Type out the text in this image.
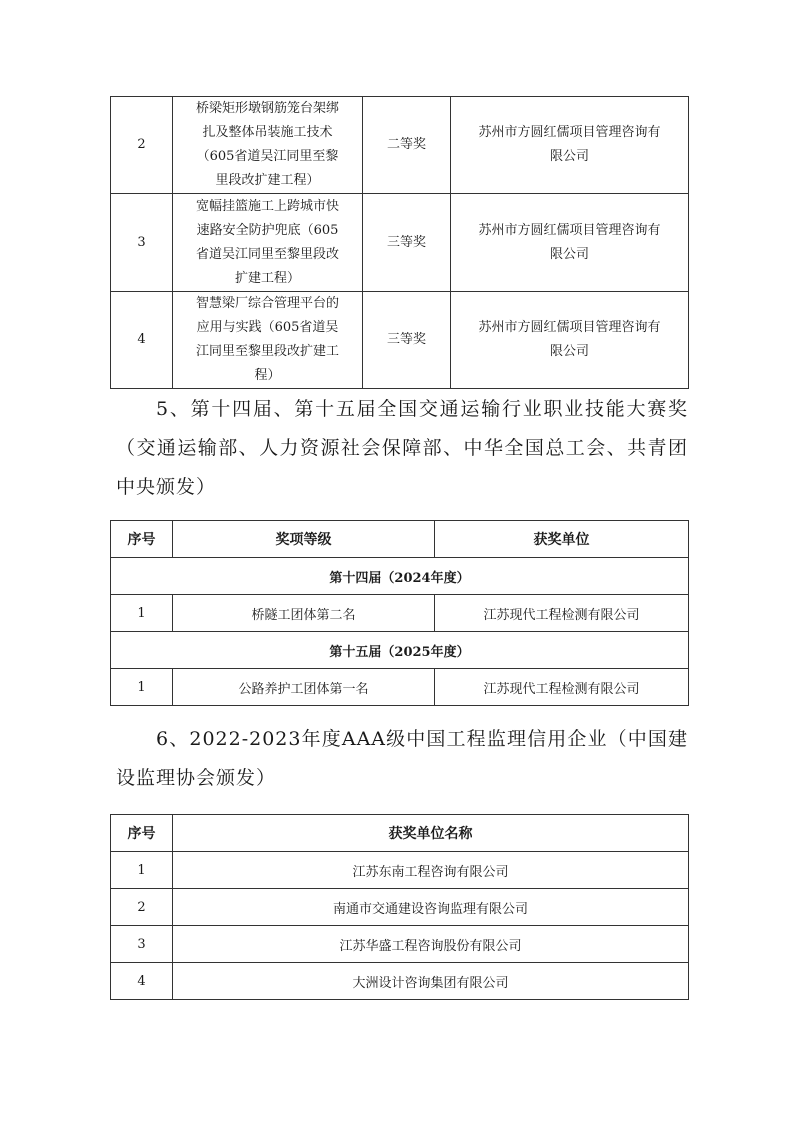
2	桥梁矩形墩钢筋笼台架绑
扎及整体吊装施工技术
（605省道吴江同里至黎
里段改扩建工程）	二等奖	苏州市方圆红儒项目管理咨询有
限公司
3	宽幅挂篮施工上跨城市快
速路安全防护兜底（605
省道吴江同里至黎里段改
扩建工程）	三等奖	苏州市方圆红儒项目管理咨询有
限公司
4	智慧梁厂综合管理平台的
应用与实践（605省道吴
江同里至黎里段改扩建工
程）	三等奖	苏州市方圆红儒项目管理咨询有
限公司

5、第十四届、第十五届全国交通运输行业职业技能大赛奖（交通运输部、人力资源社会保障部、中华全国总工会、共青团中央颁发）

序号	奖项等级	获奖单位
第十四届（2024年度）		
1	桥隧工团体第二名	江苏现代工程检测有限公司
第十五届（2025年度）		
1	公路养护工团体第一名	江苏现代工程检测有限公司

6、2022-2023年度AAA级中国工程监理信用企业（中国建设监理协会颁发）

序号	获奖单位名称
1	江苏东南工程咨询有限公司
2	南通市交通建设咨询监理有限公司
3	江苏华盛工程咨询股份有限公司
4	大洲设计咨询集团有限公司
